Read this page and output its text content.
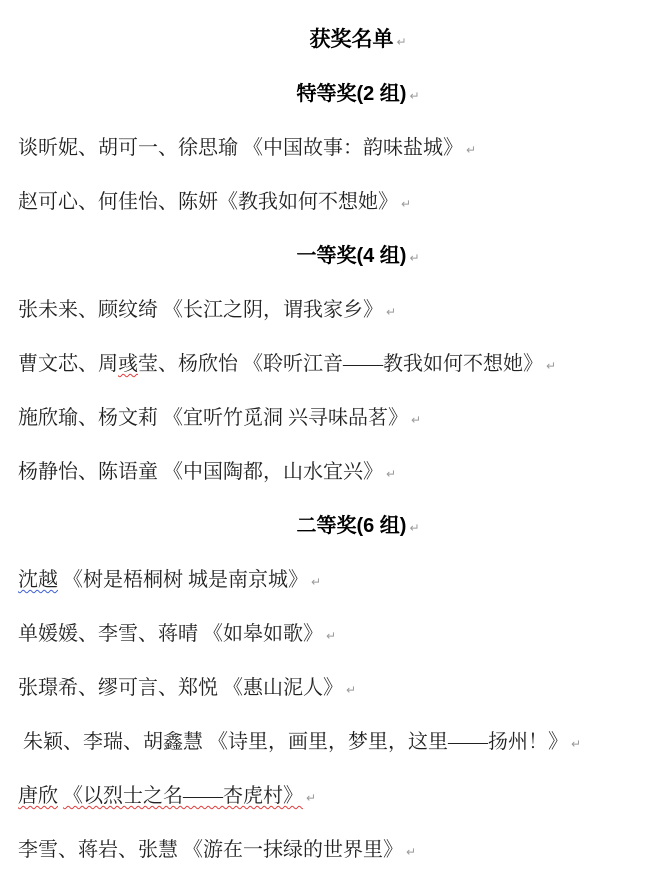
获奖名单 ↵
特等奖(2 组) ↵
谈昕妮、胡可一、徐思瑜 《中国故事：韵味盐城》 ↵
赵可心、何佳怡、陈妍《教我如何不想她》 ↵
一等奖(4 组) ↵
张未来、顾纹绮 《长江之阴，谓我家乡》 ↵
曹文芯、周彧莹、杨欣怡 《聆听江音——教我如何不想她》 ↵
施欣瑜、杨文莉 《宜听竹觅洞 兴寻味品茗》 ↵
杨静怡、陈语童 《中国陶都，山水宜兴》 ↵
二等奖(6 组) ↵
沈越 《树是梧桐树 城是南京城》 ↵
单媛媛、李雪、蒋晴 《如皋如歌》 ↵
张璟希、缪可言、郑悦 《惠山泥人》 ↵
朱颖、李瑞、胡鑫慧 《诗里，画里，梦里，这里——扬州！》 ↵
唐欣 《以烈士之名——杏虎村》 ↵
李雪、蒋岩、张慧 《游在一抹绿的世界里》 ↵
